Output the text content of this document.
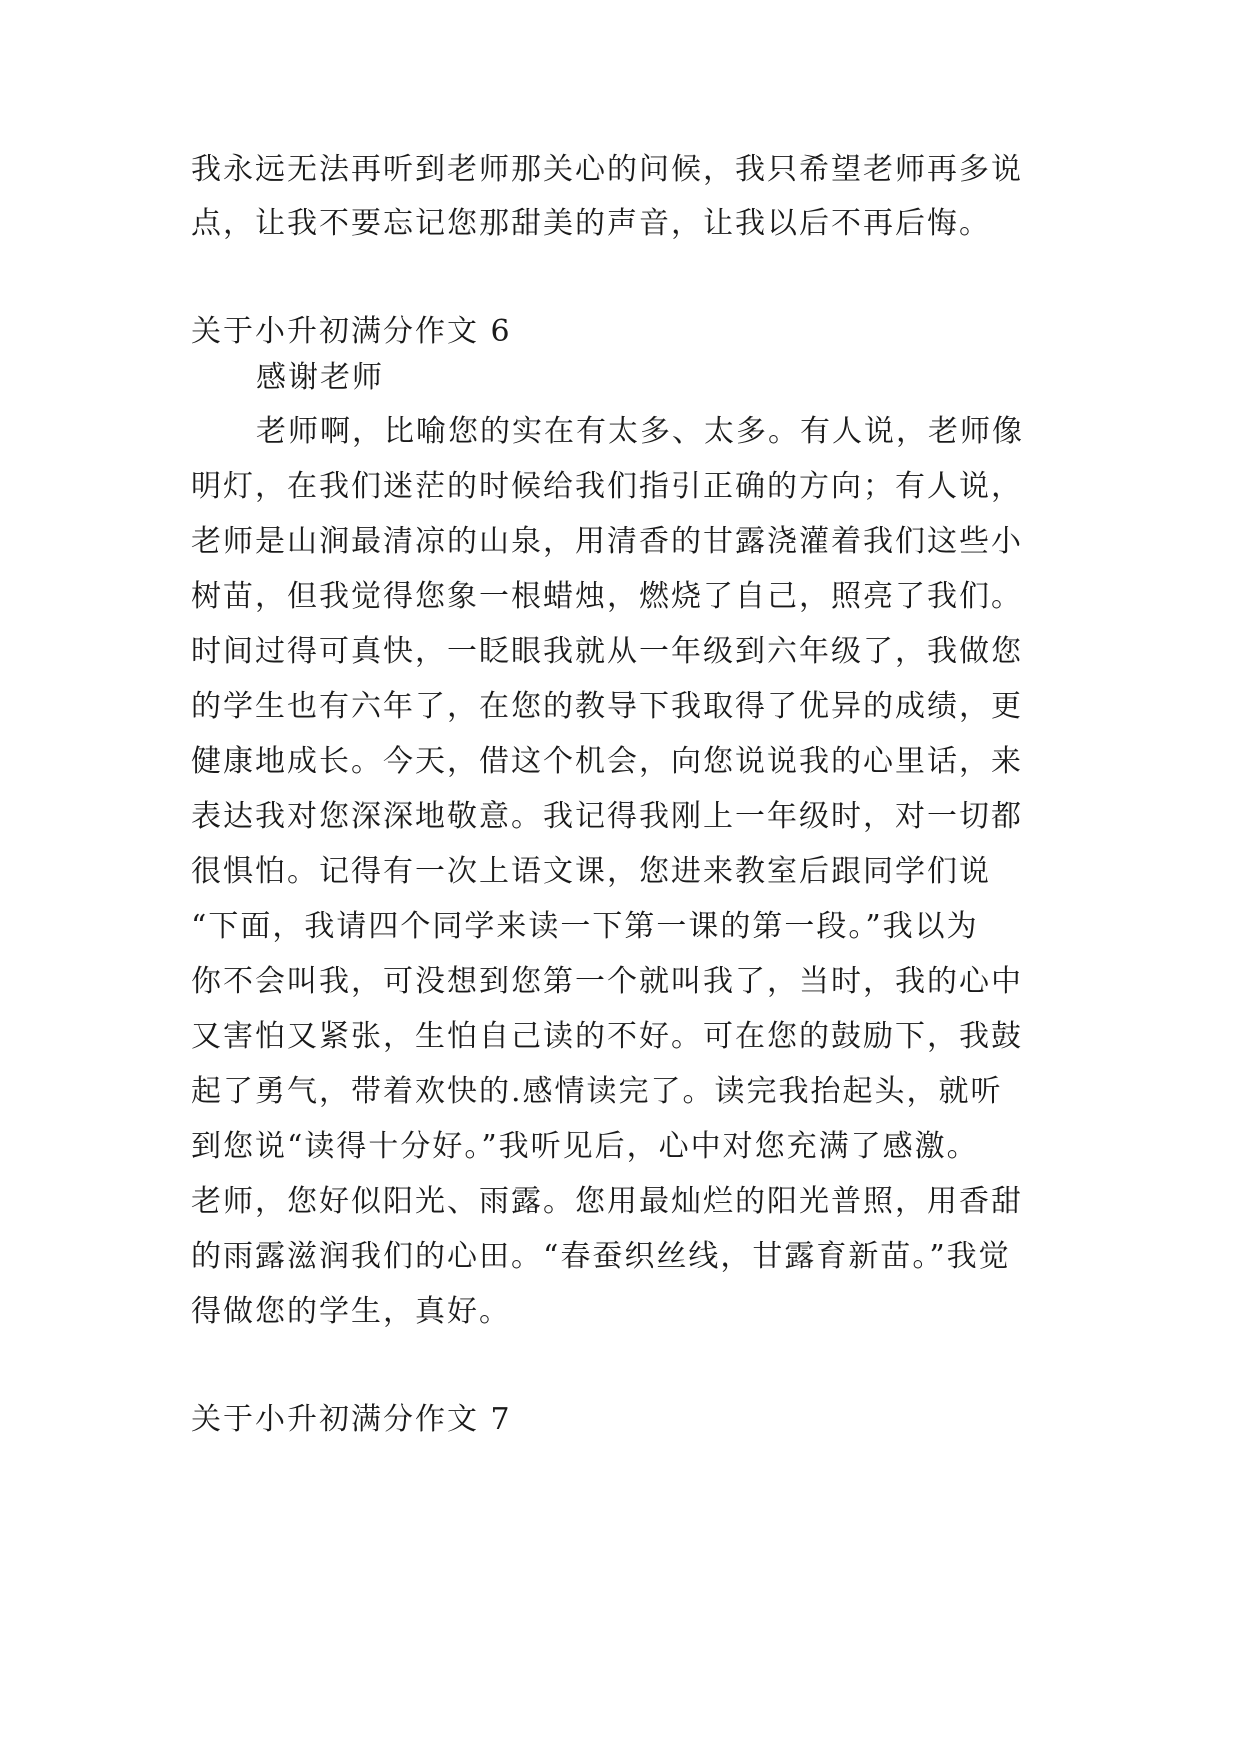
我永远无法再听到老师那关心的问候，我只希望老师再多说
点，让我不要忘记您那甜美的声音，让我以后不再后悔。
关于小升初满分作文 6
感谢老师
老师啊，比喻您的实在有太多、太多。有人说，老师像
明灯，在我们迷茫的时候给我们指引正确的方向；有人说，
老师是山涧最清凉的山泉，用清香的甘露浇灌着我们这些小
树苗，但我觉得您象一根蜡烛，燃烧了自己，照亮了我们。
时间过得可真快，一眨眼我就从一年级到六年级了，我做您
的学生也有六年了，在您的教导下我取得了优异的成绩，更
健康地成长。今天，借这个机会，向您说说我的心里话，来
表达我对您深深地敬意。我记得我刚上一年级时，对一切都
很惧怕。记得有一次上语文课，您进来教室后跟同学们说
“下面，我请四个同学来读一下第一课的第一段。”我以为
你不会叫我，可没想到您第一个就叫我了，当时，我的心中
又害怕又紧张，生怕自己读的不好。可在您的鼓励下，我鼓
起了勇气，带着欢快的.感情读完了。读完我抬起头，就听
到您说“读得十分好。”我听见后，心中对您充满了感激。
老师，您好似阳光、雨露。您用最灿烂的阳光普照，用香甜
的雨露滋润我们的心田。“春蚕织丝线，甘露育新苗。”我觉
得做您的学生，真好。
关于小升初满分作文 7
